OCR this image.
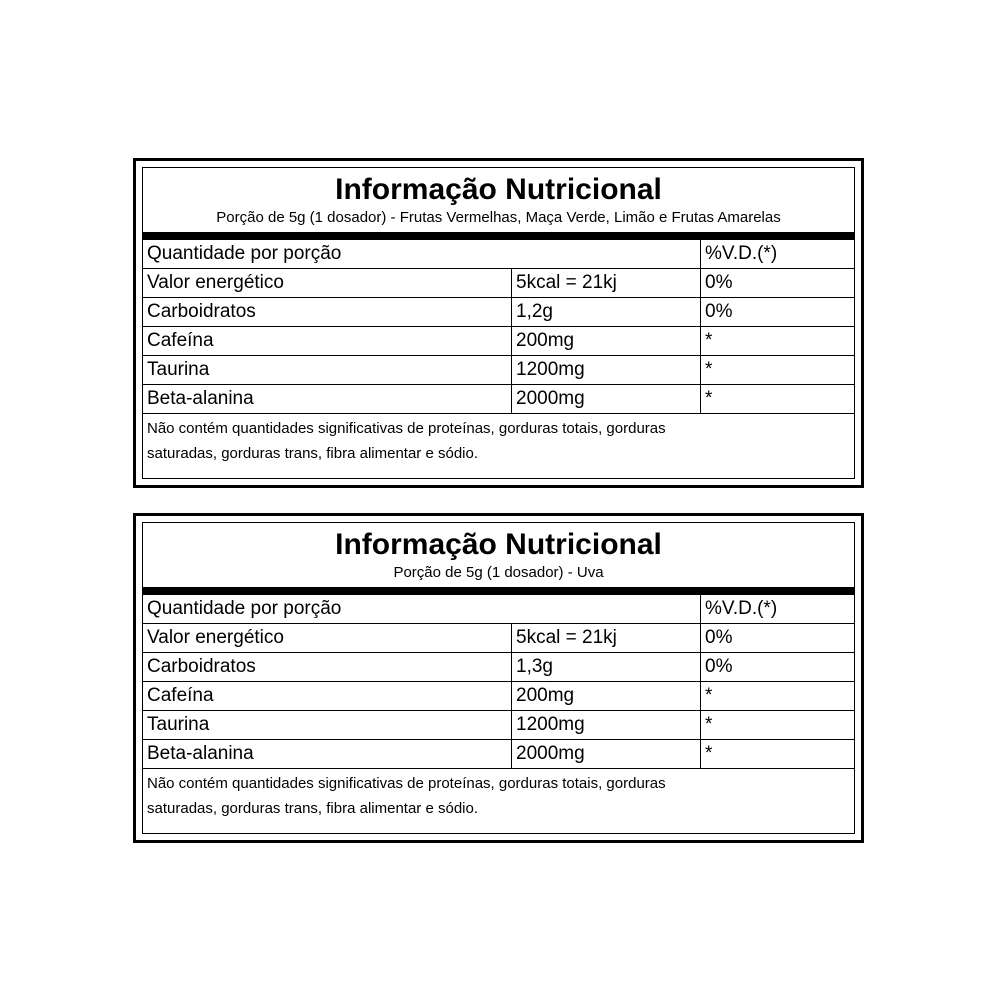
Informação Nutricional
Porção de 5g (1 dosador) - Frutas Vermelhas, Maça Verde, Limão e Frutas Amarelas
Quantidade por porção		%V.D.(*)
Valor energético	5kcal = 21kj	0%
Carboidratos	1,2g	0%
Cafeína	200mg	*
Taurina	1200mg	*
Beta-alanina	2000mg	*
Não contém quantidades significativas de proteínas, gorduras totais, gorduras
saturadas, gorduras trans, fibra alimentar e sódio.
Informação Nutricional
Porção de 5g (1 dosador) - Uva
Quantidade por porção		%V.D.(*)
Valor energético	5kcal = 21kj	0%
Carboidratos	1,3g	0%
Cafeína	200mg	*
Taurina	1200mg	*
Beta-alanina	2000mg	*
Não contém quantidades significativas de proteínas, gorduras totais, gorduras
saturadas, gorduras trans, fibra alimentar e sódio.
